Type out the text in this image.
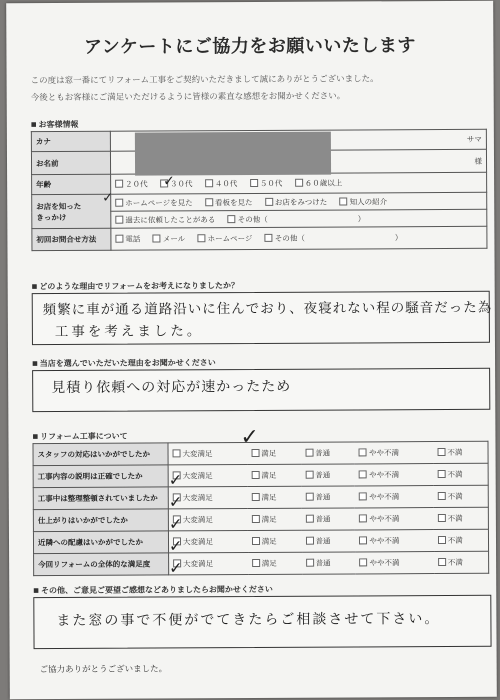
アンケートにご協力をお願いいたします
この度は窓一番にてリフォーム工事をご契約いただきまして誠にありがとうございました。
今後ともお客様にご満足いただけるように皆様の素直な感想をお聞かせください。
■ お客様情報
カナ	サマ
お名前	様
年齢	２０代 ３０代 ４０代 ５０代 ６０歳以上

お店を知った
きっかけ	ホームページを見た 看板を見た お店をみつけた 知人の紹介
	過去に依頼したことがある その他（　　　　　　　　　　　　）
初回お問合せ方法	電話 メール ホームページ その他（　　　　　　　　　　　　）
✓
✓
■ どのような理由でリフォームをお考えになりましたか？
頻繁に車が通る道路沿いに住んでおり、夜寝れない程の騒音だった為
工事を考えました。
■ 当店を選んでいただいた理由をお聞かせください
見積り依頼への対応が速かったため
■ リフォーム工事について
スタッフの対応はいかがでしたか	大変満足	満足	普通	やや不満	不満
工事内容の説明は正確でしたか	大変満足	満足	普通	やや不満	不満
工事中は整理整頓されていましたか	大変満足	満足	普通	やや不満	不満
仕上がりはいかがでしたか	大変満足	満足	普通	やや不満	不満
近隣への配慮はいかがでしたか	大変満足	満足	普通	やや不満	不満
今回リフォームの全体的な満足度	大変満足	満足	普通	やや不満	不満
✓
✓
✓
✓
✓
✓
■ その他、ご意見ご要望ご感想などありましたらお聞かせください
また窓の事で不便がでてきたらご相談させて下さい。
ご協力ありがとうございました。
